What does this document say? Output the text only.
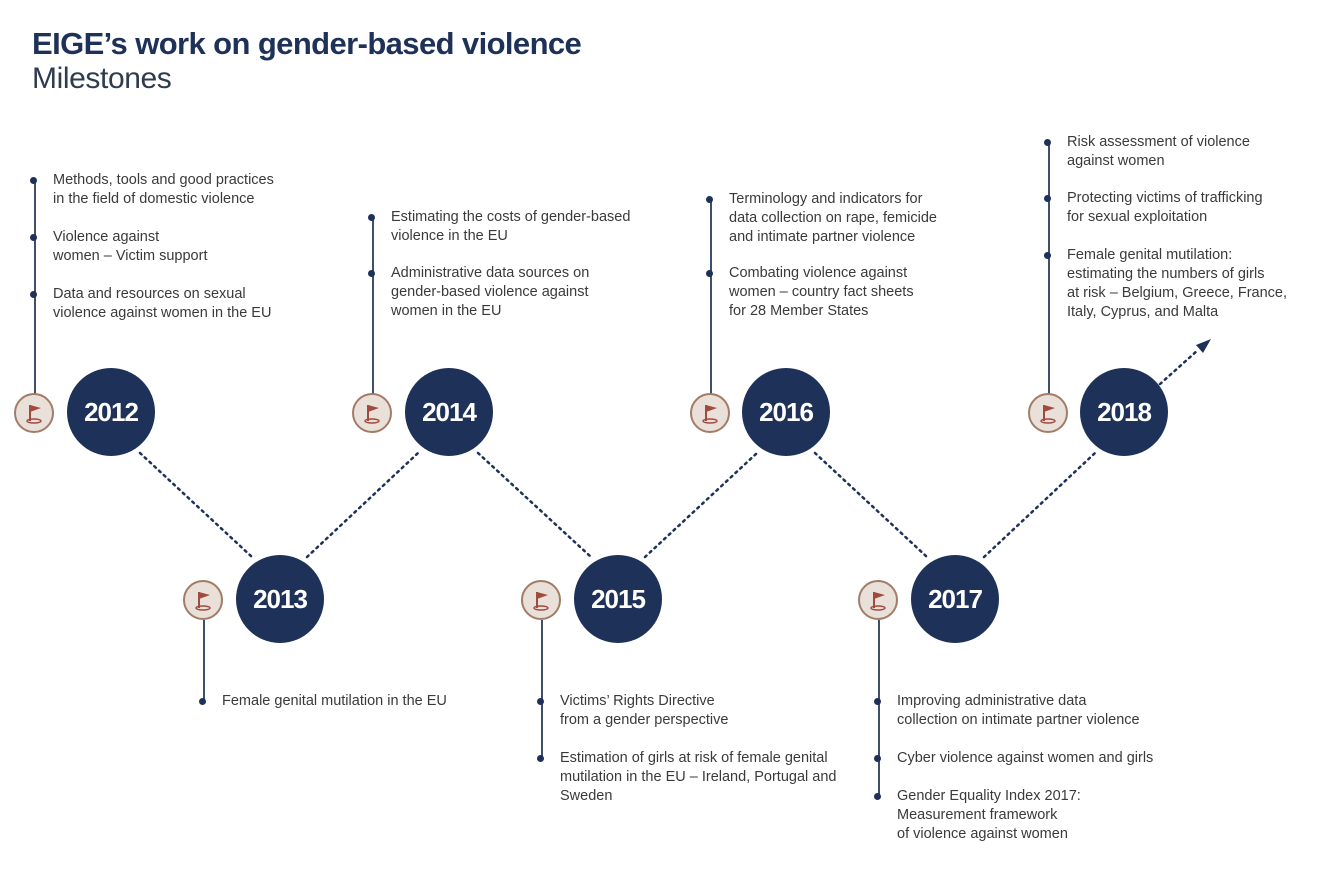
EIGE’s work on gender-based violence
Milestones
Methods, tools and good practices
in the field of domestic violence
Violence against
women – Victim support
Data and resources on sexual
violence against women in the EU
2012
2013
Female genital mutilation in the EU
Estimating the costs of gender-based
violence in the EU
Administrative data sources on
gender-based violence against
women in the EU
2014
2015
Victims’ Rights Directive
from a gender perspective
Estimation of girls at risk of female genital
mutilation in the EU – Ireland, Portugal and
Sweden
Terminology and indicators for
data collection on rape, femicide
and intimate partner violence
Combating violence against
women – country fact sheets
for 28 Member States
2016
2017
Improving administrative data
collection on intimate partner violence
Cyber violence against women and girls
Gender Equality Index 2017:
Measurement framework
of violence against women
Risk assessment of violence
against women
Protecting victims of trafficking
for sexual exploitation
Female genital mutilation:
estimating the numbers of girls
at risk – Belgium, Greece, France,
Italy, Cyprus, and Malta
2018
